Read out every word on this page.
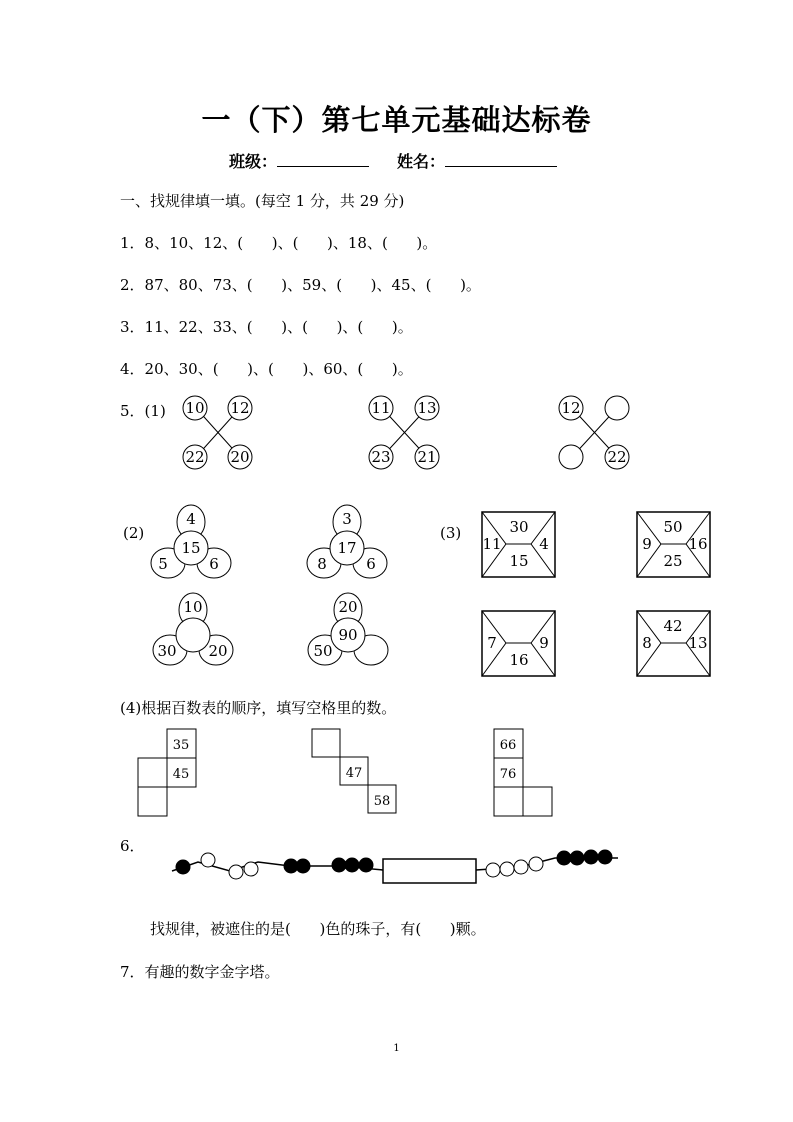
一（下）第七单元基础达标卷
班级：	姓名：
一、找规律填一填。(每空 1 分，共 29 分)
1．8、10、12、(      )、(      )、18、(      )。
2．87、80、73、(      )、59、(      )、45、(      )。
3．11、22、33、(      )、(      )、(      )。
4．20、30、(      )、(      )、60、(      )。
5．(1) 10 12
22 20
11 13
23 21
12
22
(2)
4
15
5	6
3
17
8	6
10
30 20
20
90
50
(3)	30
11	4
15
50
9 16
25
7	9
16
42
8 13
35
45	47
58
66
76
6．
(4)根据百数表的顺序，填写空格里的数。
找规律，被遮住的是(      )色的珠子，有(      )颗。
7．有趣的数字金字塔。
1
